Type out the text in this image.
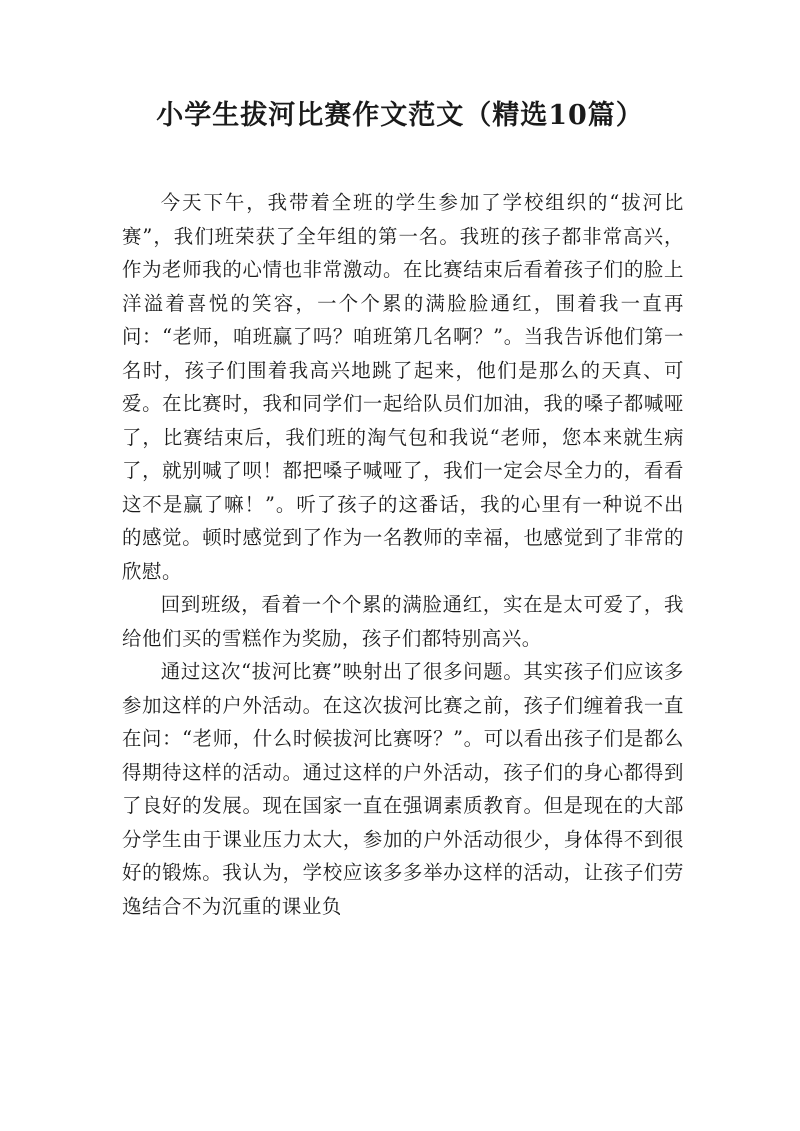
小学生拔河比赛作文范文（精选10篇）

今天下午，我带着全班的学生参加了学校组织的“拔河比赛”，我们班荣获了全年组的第一名。我班的孩子都非常高兴，作为老师我的心情也非常激动。在比赛结束后看着孩子们的脸上洋溢着喜悦的笑容，一个个累的满脸脸通红，围着我一直再问：“老师，咱班赢了吗？咱班第几名啊？”。当我告诉他们第一名时，孩子们围着我高兴地跳了起来，他们是那么的天真、可爱。在比赛时，我和同学们一起给队员们加油，我的嗓子都喊哑了，比赛结束后，我们班的淘气包和我说“老师，您本来就生病了，就别喊了呗！都把嗓子喊哑了，我们一定会尽全力的，看看这不是赢了嘛！”。听了孩子的这番话，我的心里有一种说不出的感觉。顿时感觉到了作为一名教师的幸福，也感觉到了非常的欣慰。

回到班级，看着一个个累的满脸通红，实在是太可爱了，我给他们买的雪糕作为奖励，孩子们都特别高兴。

通过这次“拔河比赛”映射出了很多问题。其实孩子们应该多参加这样的户外活动。在这次拔河比赛之前，孩子们缠着我一直在问：“老师，什么时候拔河比赛呀？”。可以看出孩子们是都么得期待这样的活动。通过这样的户外活动，孩子们的身心都得到了良好的发展。现在国家一直在强调素质教育。但是现在的大部分学生由于课业压力太大，参加的户外活动很少，身体得不到很好的锻炼。我认为，学校应该多多举办这样的活动，让孩子们劳逸结合不为沉重的课业负
